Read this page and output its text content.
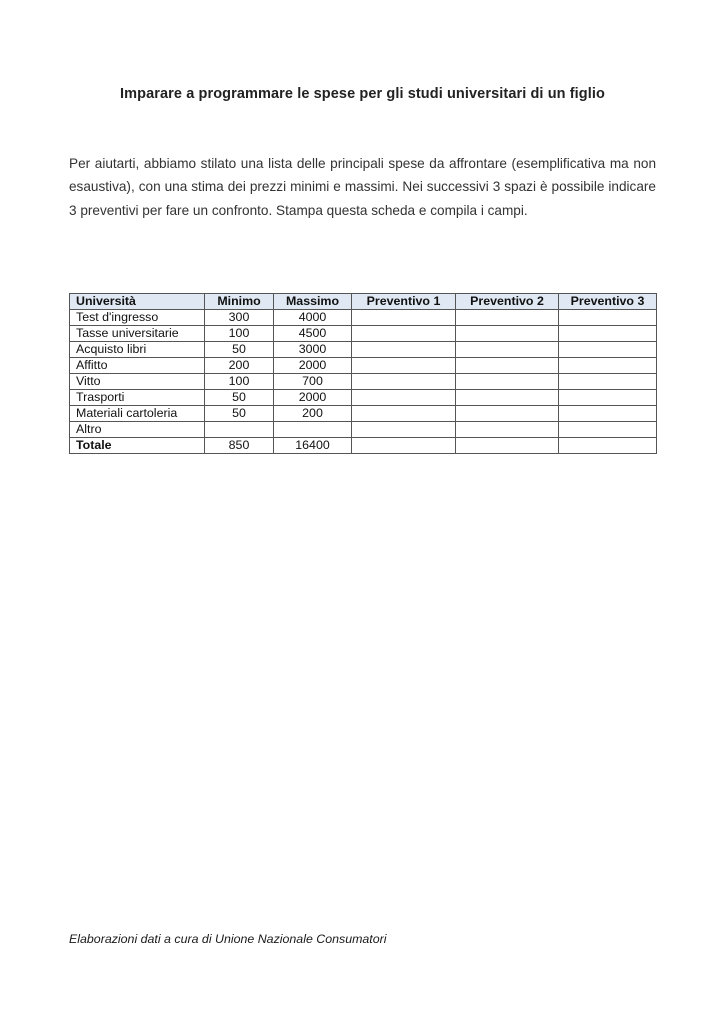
Imparare a programmare le spese per gli studi universitari di un figlio
Per aiutarti, abbiamo stilato una lista delle principali spese da affrontare (esemplificativa ma non esaustiva), con una stima dei prezzi minimi e massimi. Nei successivi 3 spazi è possibile indicare 3 preventivi per fare un confronto. Stampa questa scheda e compila i campi.
Università	Minimo	Massimo	Preventivo 1	Preventivo 2	Preventivo 3
Test d'ingresso	300	4000			
Tasse universitarie	100	4500			
Acquisto libri	50	3000			
Affitto	200	2000			
Vitto	100	700			
Trasporti	50	2000			
Materiali cartoleria	50	200			
Altro					
Totale	850	16400			
Elaborazioni dati a cura di Unione Nazionale Consumatori
